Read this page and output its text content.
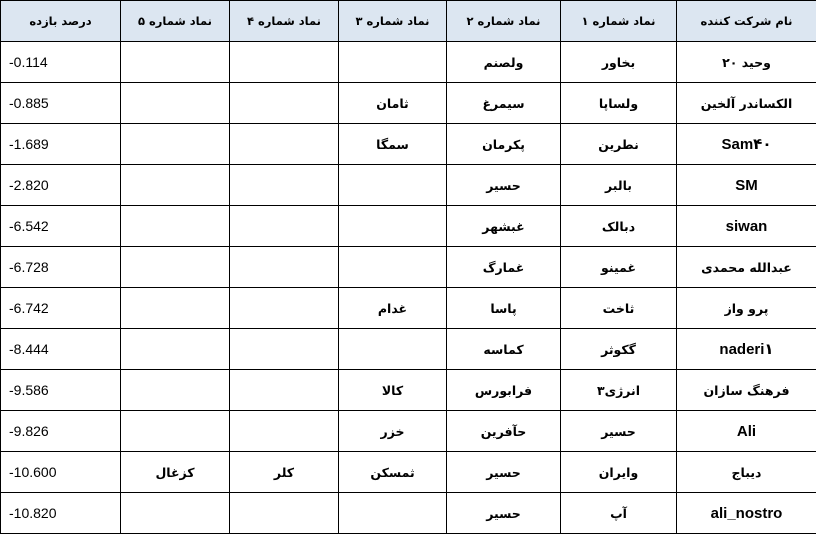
نام شرکت کننده	نماد شماره ۱	نماد شماره ۲	نماد شماره ۳	نماد شماره ۴	نماد شماره ۵	درصد بازده
وحید ۲۰	بخاور	ولصنم				-0.114
الکساندر آلخین	ولساپا	سیمرغ	ثامان			-0.885
Sam۴۰	نطرین	پکرمان	سمگا			-1.689
SM	بالبر	حسیر				-2.820
siwan	دبالک	غبشهر				-6.542
عبدالله محمدی	غمینو	غمارگ				-6.728
پرو واز	ثاخت	پاسا	غدام			-6.742
naderi۱	گکوثر	کماسه				-8.444
فرهنگ سازان	انرژی۳	فرابورس	کالا			-9.586
Ali	حسیر	حآفرین	خزر			-9.826
دیباج	وایران	حسیر	ثمسکن	کلر	کزغال	-10.600
ali_nostro	آپ	حسیر				-10.820
